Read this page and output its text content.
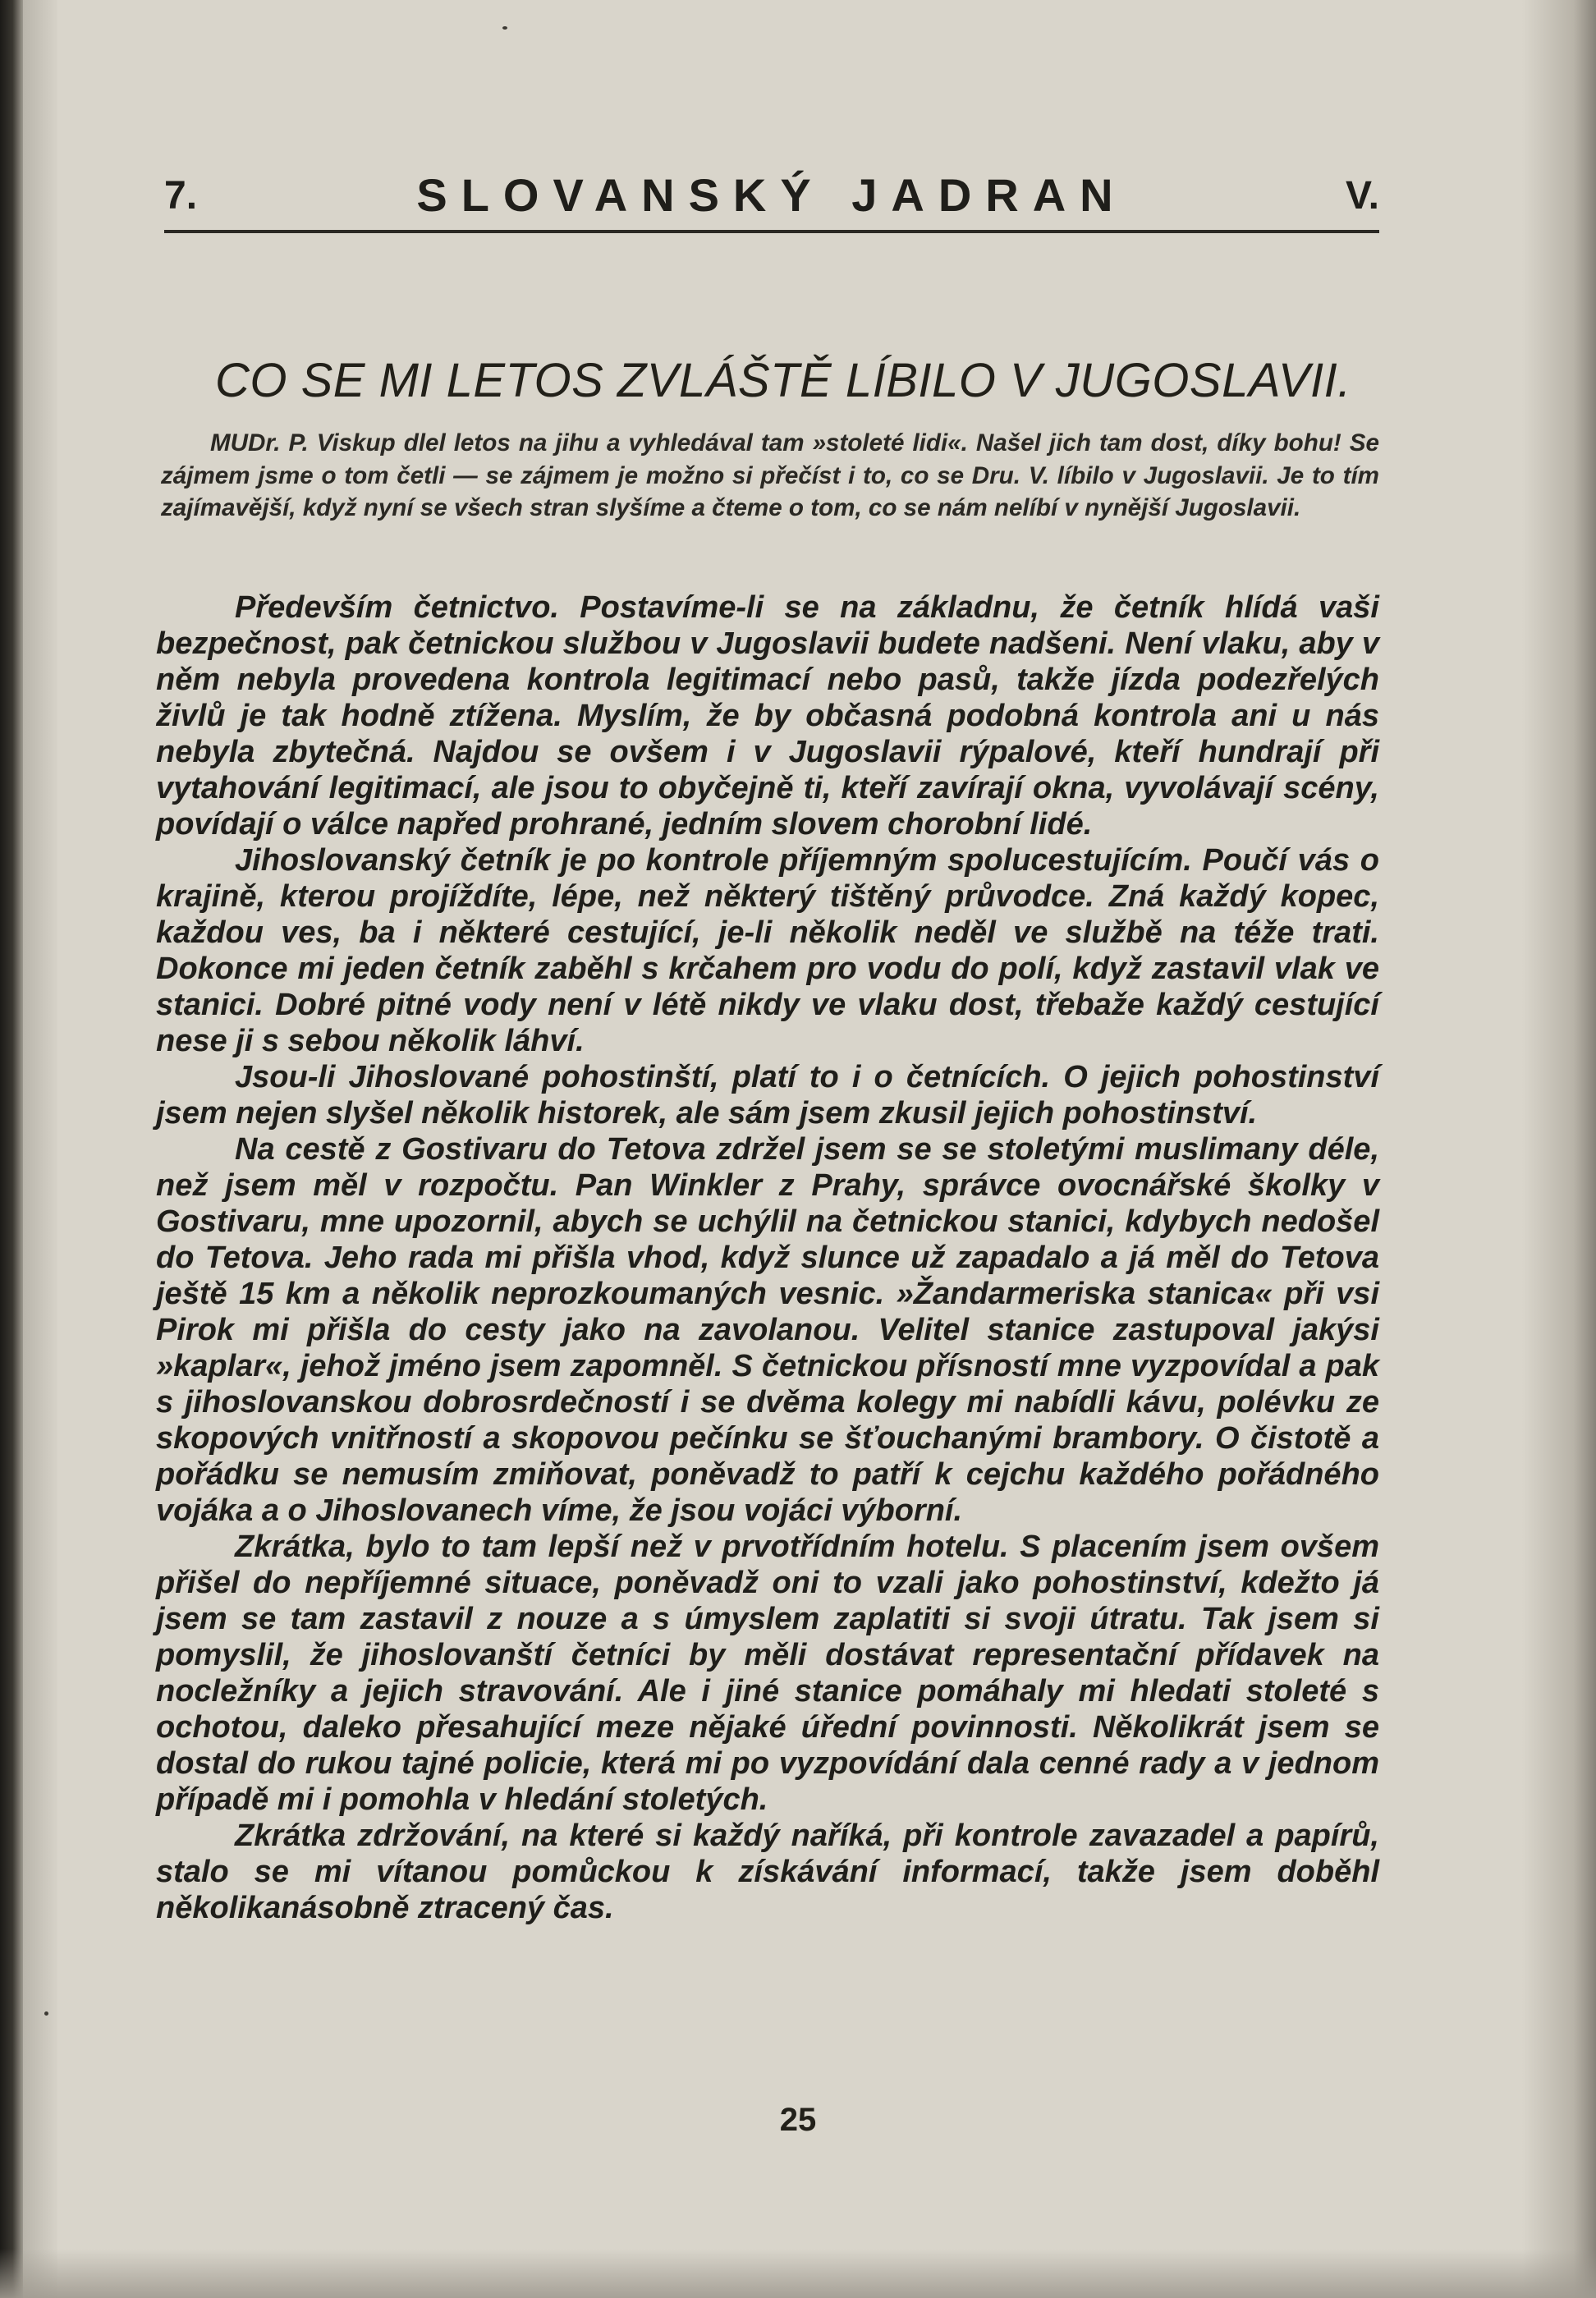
7.	SLOVANSKÝ JADRAN	V.
CO SE MI LETOS ZVLÁŠTĚ LÍBILO V JUGOSLAVII.
MUDr. P. Viskup dlel letos na jihu a vyhledával tam »stoleté lidi«. Našel jich tam dost, díky bohu! Se zájmem jsme o tom četli — se zájmem je možno si přečíst i to, co se Dru. V. líbilo v Jugoslavii. Je to tím zajímavější, když nyní se všech stran slyšíme a čteme o tom, co se nám nelíbí v nynější Jugoslavii.

Především četnictvo. Postavíme-li se na základnu, že četník hlídá vaši bezpečnost, pak četnickou službou v Jugoslavii budete nadšeni. Není vlaku, aby v něm nebyla provedena kontrola legitimací nebo pasů, takže jízda podezřelých živlů je tak hodně ztížena. Myslím, že by občasná podobná kontrola ani u nás nebyla zbytečná. Najdou se ovšem i v Jugoslavii rýpalové, kteří hundrají při vytahování legitimací, ale jsou to obyčejně ti, kteří zavírají okna, vyvolávají scény, povídají o válce napřed prohrané, jedním slovem chorobní lidé.

Jihoslovanský četník je po kontrole příjemným spolucestujícím. Poučí vás o krajině, kterou projíždíte, lépe, než některý tištěný průvodce. Zná každý kopec, každou ves, ba i některé cestující, je-li několik neděl ve službě na téže trati. Dokonce mi jeden četník zaběhl s krčahem pro vodu do polí, když zastavil vlak ve stanici. Dobré pitné vody není v létě nikdy ve vlaku dost, třebaže každý cestující nese ji s sebou několik láhví.

Jsou-li Jihoslované pohostinští, platí to i o četnících. O jejich pohostinství jsem nejen slyšel několik historek, ale sám jsem zkusil jejich pohostinství.

Na cestě z Gostivaru do Tetova zdržel jsem se se stoletými muslimany déle, než jsem měl v rozpočtu. Pan Winkler z Prahy, správce ovocnářské školky v Gostivaru, mne upozornil, abych se uchýlil na četnickou stanici, kdybych nedošel do Tetova. Jeho rada mi přišla vhod, když slunce už zapadalo a já měl do Tetova ještě 15 km a několik neprozkoumaných vesnic. »Žandarmeriska stanica« při vsi Pirok mi přišla do cesty jako na zavolanou. Velitel stanice zastupoval jakýsi »kaplar«, jehož jméno jsem zapomněl. S četnickou přísností mne vyzpovídal a pak s jihoslovanskou dobrosrdečností i se dvěma kolegy mi nabídli kávu, polévku ze skopových vnitřností a skopovou pečínku se šťouchanými brambory. O čistotě a pořádku se nemusím zmiňovat, poněvadž to patří k cejchu každého pořádného vojáka a o Jihoslovanech víme, že jsou vojáci výborní.

Zkrátka, bylo to tam lepší než v prvotřídním hotelu. S placením jsem ovšem přišel do nepříjemné situace, poněvadž oni to vzali jako pohostinství, kdežto já jsem se tam zastavil z nouze a s úmyslem zaplatiti si svoji útratu. Tak jsem si pomyslil, že jihoslovanští četníci by měli dostávat representační přídavek na nocležníky a jejich stravování. Ale i jiné stanice pomáhaly mi hledati stoleté s ochotou, daleko přesahující meze nějaké úřední povinnosti. Několikrát jsem se dostal do rukou tajné policie, která mi po vyzpovídání dala cenné rady a v jednom případě mi i pomohla v hledání stoletých.

Zkrátka zdržování, na které si každý naříká, při kontrole zavazadel a papírů, stalo se mi vítanou pomůckou k získávání informací, takže jsem doběhl několikanásobně ztracený čas.

25
